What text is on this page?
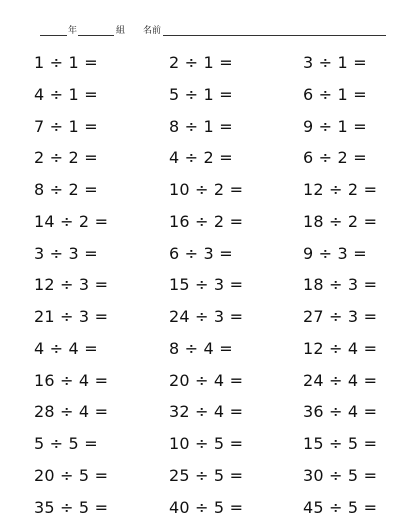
年	組 名前
1 ÷ 1 =	2 ÷ 1 =	3 ÷ 1 =
4 ÷ 1 =	5 ÷ 1 =	6 ÷ 1 =
7 ÷ 1 =	8 ÷ 1 =	9 ÷ 1 =
2 ÷ 2 =	4 ÷ 2 =	6 ÷ 2 =
8 ÷ 2 =	10 ÷ 2 =	12 ÷ 2 =
14 ÷ 2 =	16 ÷ 2 =	18 ÷ 2 =
3 ÷ 3 =	6 ÷ 3 =	9 ÷ 3 =
12 ÷ 3 =	15 ÷ 3 =	18 ÷ 3 =
21 ÷ 3 =	24 ÷ 3 =	27 ÷ 3 =
4 ÷ 4 =	8 ÷ 4 =	12 ÷ 4 =
16 ÷ 4 =	20 ÷ 4 =	24 ÷ 4 =
28 ÷ 4 =	32 ÷ 4 =	36 ÷ 4 =
5 ÷ 5 =	10 ÷ 5 =	15 ÷ 5 =
20 ÷ 5 =	25 ÷ 5 =	30 ÷ 5 =
35 ÷ 5 =	40 ÷ 5 =	45 ÷ 5 =
